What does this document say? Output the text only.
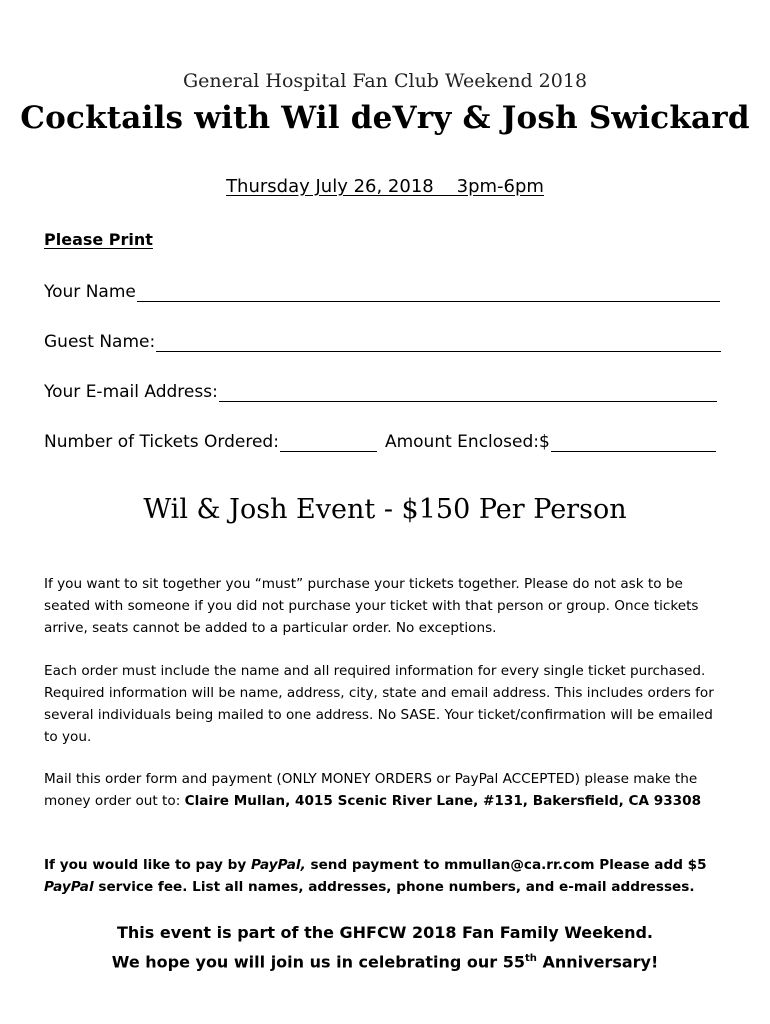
General Hospital Fan Club Weekend 2018
Cocktails with Wil deVry & Josh Swickard
Thursday July 26, 2018    3pm-6pm
Please Print
Your Name
Guest Name:
Your E-mail Address:
Number of Tickets Ordered:	Amount Enclosed:$
Wil & Josh Event - $150 Per Person
If you want to sit together you “must” purchase your tickets together. Please do not ask to be seated with someone if you did not purchase your ticket with that person or group. Once tickets arrive, seats cannot be added to a particular order. No exceptions.
Each order must include the name and all required information for every single ticket purchased. Required information will be name, address, city, state and email address. This includes orders for several individuals being mailed to one address. No SASE. Your ticket/confirmation will be emailed to you.
Mail this order form and payment (ONLY MONEY ORDERS or PayPal ACCEPTED) please make the money order out to: Claire Mullan, 4015 Scenic River Lane, #131, Bakersfield, CA 93308
If you would like to pay by PayPal, send payment to mmullan@ca.rr.com Please add $5 PayPal service fee. List all names, addresses, phone numbers, and e-mail addresses.
This event is part of the GHFCW 2018 Fan Family Weekend.
We hope you will join us in celebrating our 55th Anniversary!
